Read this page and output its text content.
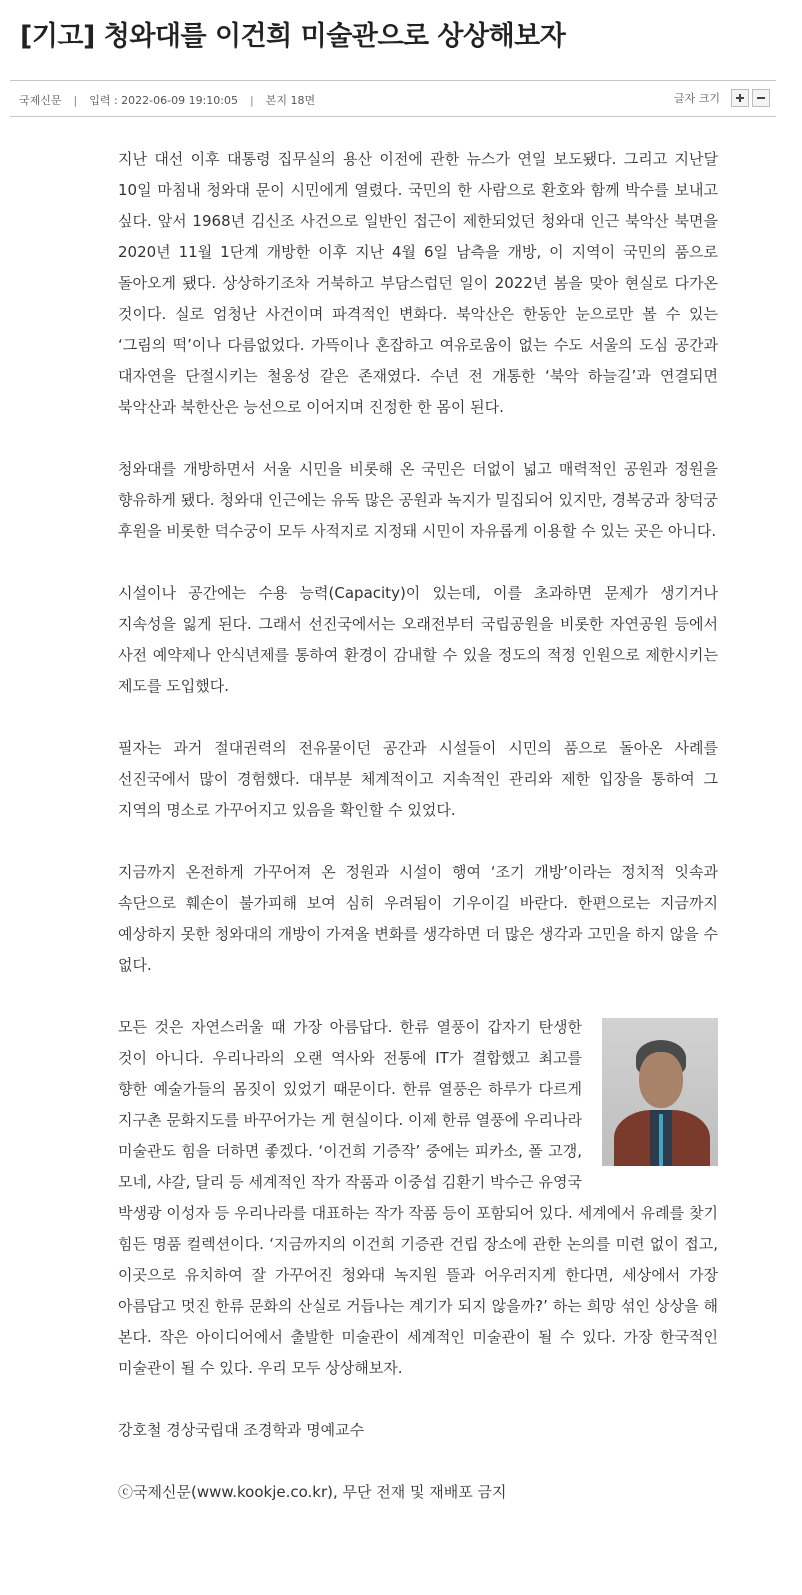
[기고] 청와대를 이건희 미술관으로 상상해보자
국제신문 | 입력 : 2022-06-09 19:10:05 | 본지 18면	글자 크기

지난 대선 이후 대통령 집무실의 용산 이전에 관한 뉴스가 연일 보도됐다. 그리고 지난달 10일 마침내 청와대 문이 시민에게 열렸다. 국민의 한 사람으로 환호와 함께 박수를 보내고 싶다. 앞서 1968년 김신조 사건으로 일반인 접근이 제한되었던 청와대 인근 북악산 북면을 2020년 11월 1단계 개방한 이후 지난 4월 6일 남측을 개방, 이 지역이 국민의 품으로 돌아오게 됐다. 상상하기조차 거북하고 부담스럽던 일이 2022년 봄을 맞아 현실로 다가온 것이다. 실로 엄청난 사건이며 파격적인 변화다. 북악산은 한동안 눈으로만 볼 수 있는 ‘그림의 떡’이나 다름없었다. 가뜩이나 혼잡하고 여유로움이 없는 수도 서울의 도심 공간과 대자연을 단절시키는 철옹성 같은 존재였다. 수년 전 개통한 ‘북악 하늘길’과 연결되면 북악산과 북한산은 능선으로 이어지며 진정한 한 몸이 된다.

청와대를 개방하면서 서울 시민을 비롯해 온 국민은 더없이 넓고 매력적인 공원과 정원을 향유하게 됐다. 청와대 인근에는 유독 많은 공원과 녹지가 밀집되어 있지만, 경복궁과 창덕궁 후원을 비롯한 덕수궁이 모두 사적지로 지정돼 시민이 자유롭게 이용할 수 있는 곳은 아니다.

시설이나 공간에는 수용 능력(Capacity)이 있는데, 이를 초과하면 문제가 생기거나 지속성을 잃게 된다. 그래서 선진국에서는 오래전부터 국립공원을 비롯한 자연공원 등에서 사전 예약제나 안식년제를 통하여 환경이 감내할 수 있을 정도의 적정 인원으로 제한시키는 제도를 도입했다.

필자는 과거 절대권력의 전유물이던 공간과 시설들이 시민의 품으로 돌아온 사례를 선진국에서 많이 경험했다. 대부분 체계적이고 지속적인 관리와 제한 입장을 통하여 그 지역의 명소로 가꾸어지고 있음을 확인할 수 있었다.

지금까지 온전하게 가꾸어져 온 정원과 시설이 행여 ‘조기 개방’이라는 정치적 잇속과 속단으로 훼손이 불가피해 보여 심히 우려됨이 기우이길 바란다. 한편으로는 지금까지 예상하지 못한 청와대의 개방이 가져올 변화를 생각하면 더 많은 생각과 고민을 하지 않을 수 없다.

모든 것은 자연스러울 때 가장 아름답다. 한류 열풍이 갑자기 탄생한 것이 아니다. 우리나라의 오랜 역사와 전통에 IT가 결합했고 최고를 향한 예술가들의 몸짓이 있었기 때문이다. 한류 열풍은 하루가 다르게 지구촌 문화지도를 바꾸어가는 게 현실이다. 이제 한류 열풍에 우리나라 미술관도 힘을 더하면 좋겠다. ‘이건희 기증작’ 중에는 피카소, 폴 고갱, 모네, 샤갈, 달리 등 세계적인 작가 작품과 이중섭 김환기 박수근 유영국 박생광 이성자 등 우리나라를 대표하는 작가 작품 등이 포함되어 있다. 세계에서 유례를 찾기 힘든 명품 컬렉션이다. ‘지금까지의 이건희 기증관 건립 장소에 관한 논의를 미련 없이 접고, 이곳으로 유치하여 잘 가꾸어진 청와대 녹지원 뜰과 어우러지게 한다면, 세상에서 가장 아름답고 멋진 한류 문화의 산실로 거듭나는 계기가 되지 않을까?’ 하는 희망 섞인 상상을 해 본다. 작은 아이디어에서 출발한 미술관이 세계적인 미술관이 될 수 있다. 가장 한국적인 미술관이 될 수 있다. 우리 모두 상상해보자.

강호철 경상국립대 조경학과 명예교수

ⓒ국제신문(www.kookje.co.kr), 무단 전재 및 재배포 금지
